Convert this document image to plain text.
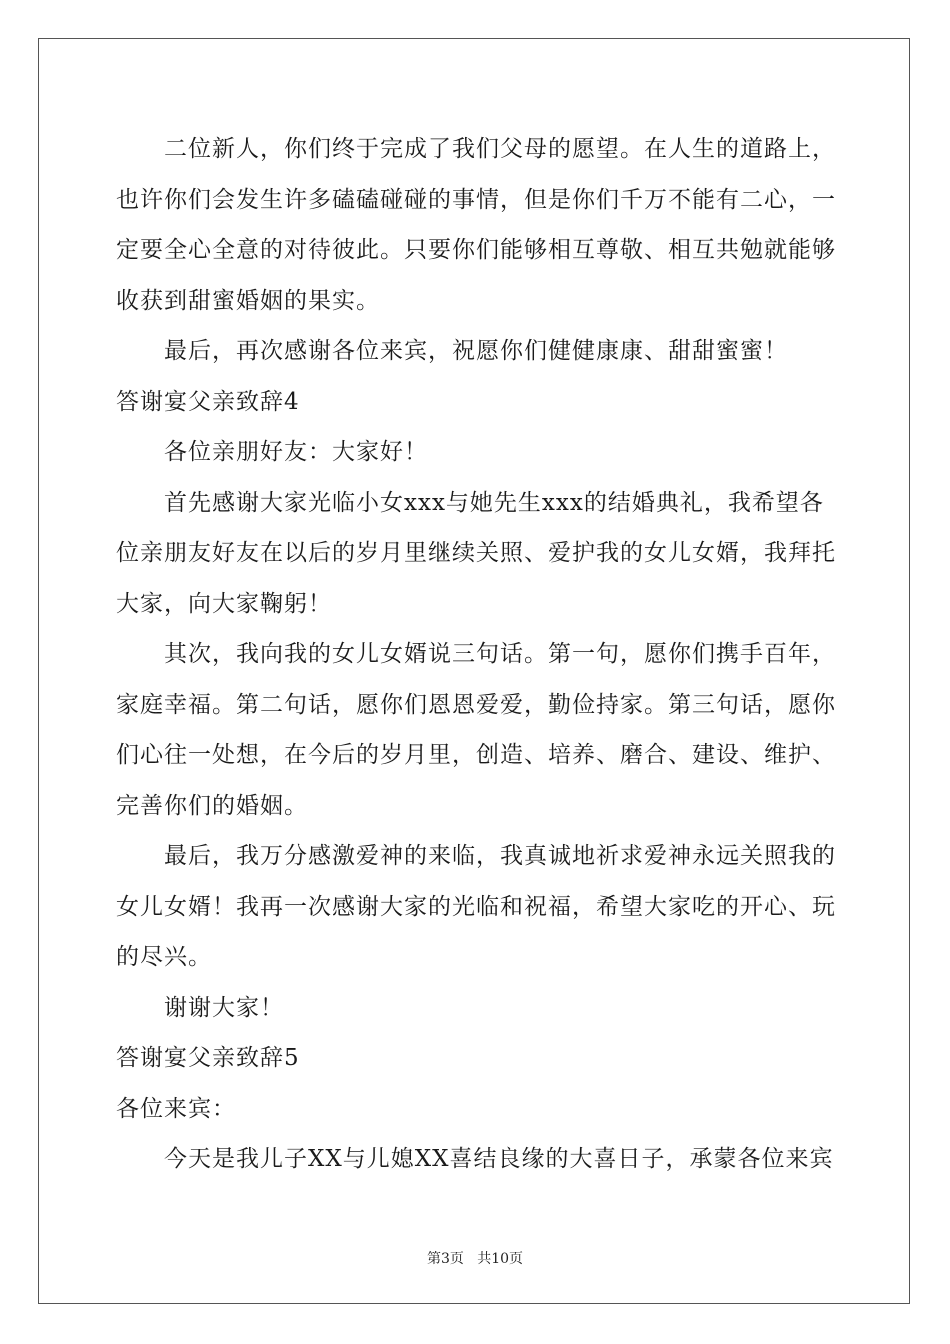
二位新人，你们终于完成了我们父母的愿望。在人生的道路上，
也许你们会发生许多磕磕碰碰的事情，但是你们千万不能有二心，一
定要全心全意的对待彼此。只要你们能够相互尊敬、相互共勉就能够
收获到甜蜜婚姻的果实。
最后，再次感谢各位来宾，祝愿你们健健康康、甜甜蜜蜜！
答谢宴父亲致辞4
各位亲朋好友：大家好！
首先感谢大家光临小女xxx与她先生xxx的结婚典礼，我希望各
位亲朋友好友在以后的岁月里继续关照、爱护我的女儿女婿，我拜托
大家，向大家鞠躬！
其次，我向我的女儿女婿说三句话。第一句，愿你们携手百年，
家庭幸福。第二句话，愿你们恩恩爱爱，勤俭持家。第三句话，愿你
们心往一处想，在今后的岁月里，创造、培养、磨合、建设、维护、
完善你们的婚姻。
最后，我万分感激爱神的来临，我真诚地祈求爱神永远关照我的
女儿女婿！我再一次感谢大家的光临和祝福，希望大家吃的开心、玩
的尽兴。
谢谢大家！
答谢宴父亲致辞5
各位来宾：
今天是我儿子XX与儿媳XX喜结良缘的大喜日子，承蒙各位来宾
第3页   共10页
